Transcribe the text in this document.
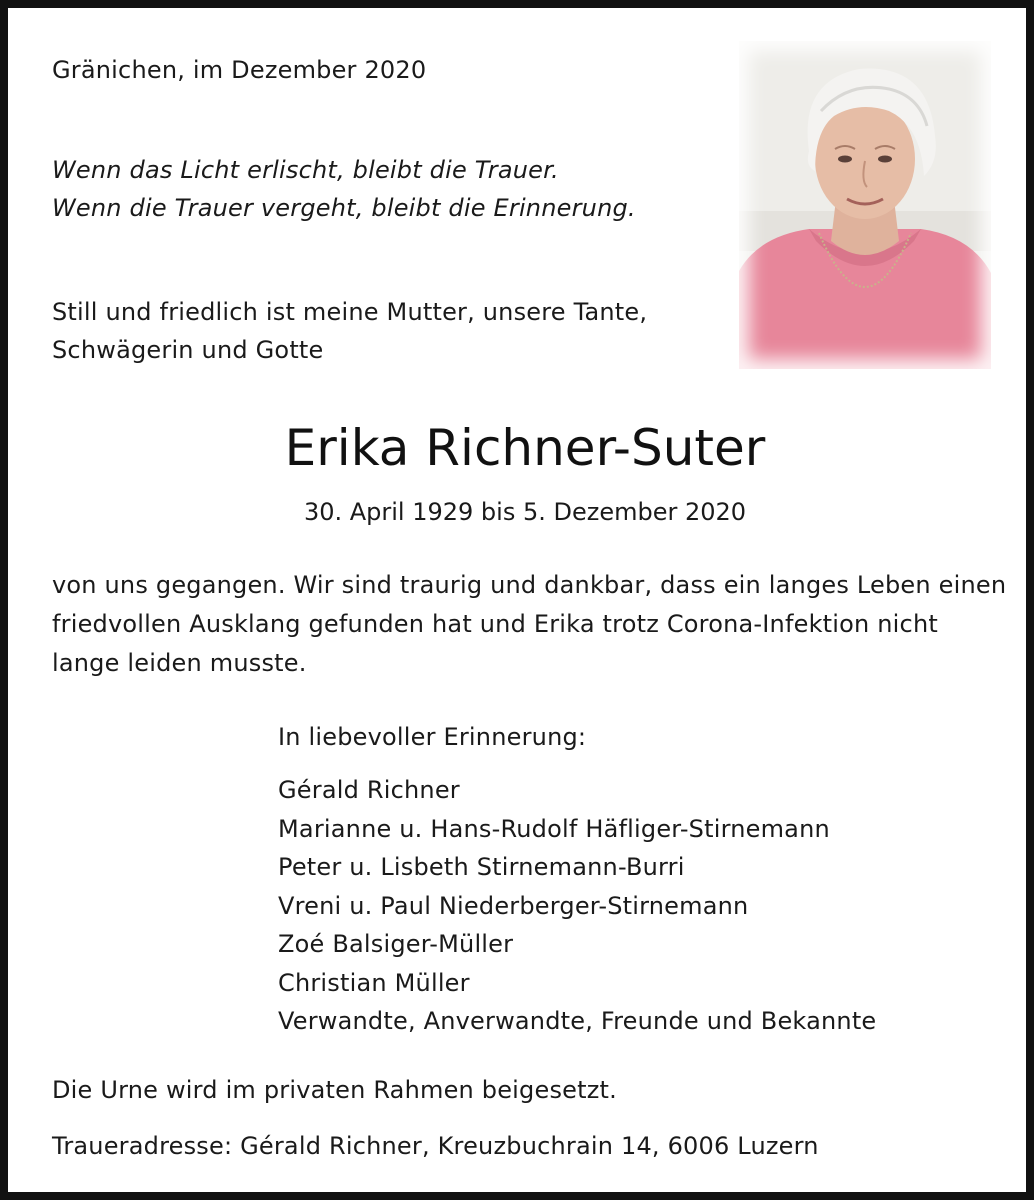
Gränichen, im Dezember 2020
Wenn das Licht erlischt, bleibt die Trauer.
Wenn die Trauer vergeht, bleibt die Erinnerung.
Still und friedlich ist meine Mutter, unsere Tante,
Schwägerin und Gotte
Erika Richner-Suter
30. April 1929 bis 5. Dezember 2020
von uns gegangen. Wir sind traurig und dankbar, dass ein langes Leben einen
friedvollen Ausklang gefunden hat und Erika trotz Corona-Infektion nicht
lange leiden musste.
In liebevoller Erinnerung:
Gérald Richner
Marianne u. Hans-Rudolf Häfliger-Stirnemann
Peter u. Lisbeth Stirnemann-Burri
Vreni u. Paul Niederberger-Stirnemann
Zoé Balsiger-Müller
Christian Müller
Verwandte, Anverwandte, Freunde und Bekannte
Die Urne wird im privaten Rahmen beigesetzt.
Traueradresse: Gérald Richner, Kreuzbuchrain 14, 6006 Luzern
